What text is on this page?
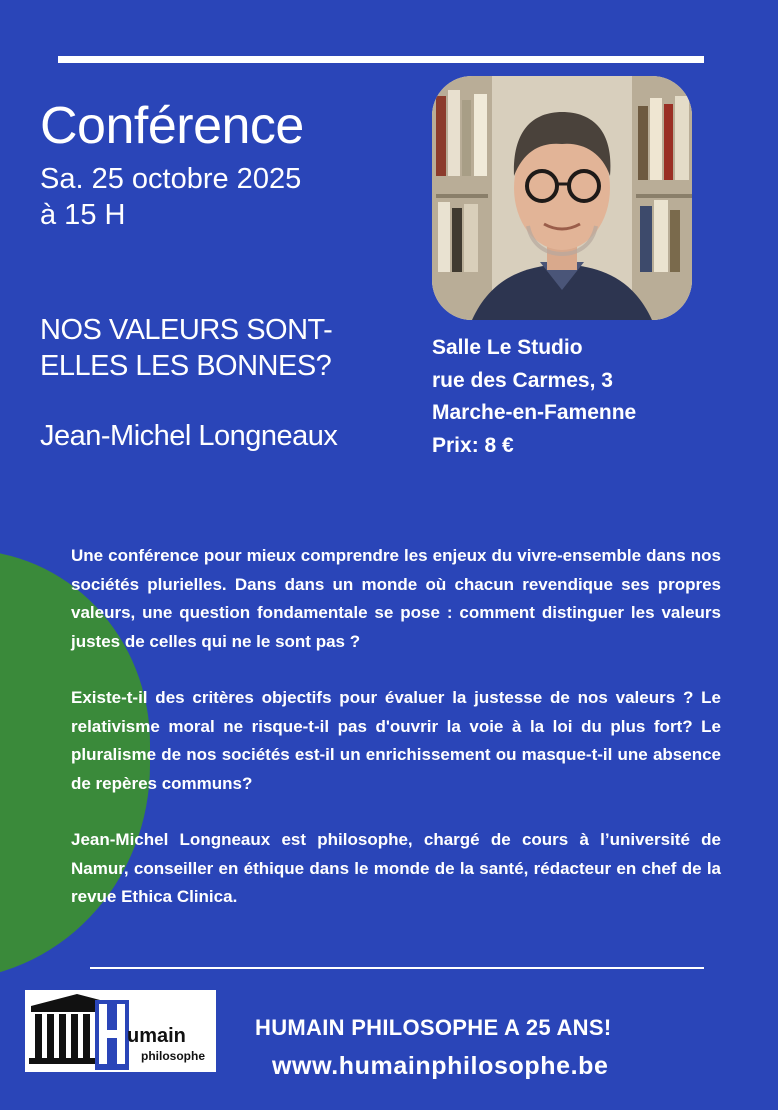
Conférence
Sa. 25 octobre 2025
à 15 H
NOS VALEURS SONT-ELLES LES BONNES?
Jean-Michel Longneaux
Salle Le Studio
rue des Carmes, 3
Marche-en-Famenne
Prix: 8 €

Une conférence pour mieux comprendre les enjeux du vivre-ensemble dans nos sociétés plurielles. Dans dans un monde où chacun revendique ses propres valeurs, une question fondamentale se pose : comment distinguer les valeurs justes de celles qui ne le sont pas ?

Existe-t-il des critères objectifs pour évaluer la justesse de nos valeurs ? Le relativisme moral ne risque-t-il pas d'ouvrir la voie à la loi du plus fort? Le pluralisme de nos sociétés est-il un enrichissement ou masque-t-il une absence de repères communs?

Jean-Michel Longneaux est philosophe, chargé de cours à l’université de Namur, conseiller en éthique dans le monde de la santé, rédacteur en chef de la revue Ethica Clinica.

umain
philosophe
HUMAIN PHILOSOPHE A 25 ANS!
www.humainphilosophe.be
